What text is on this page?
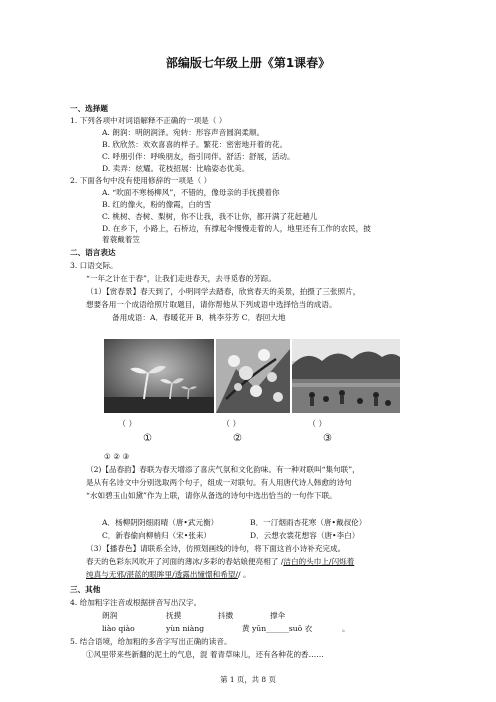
部编版七年级上册《第1课春》
一、选择题
1. 下列各项中对词语解释不正确的一项是（ ）
A. 朗润：明朗润泽。宛转：形容声音圆润柔顺。
B. 欣欣然：欢欢喜喜的样子。繁花：密密地开着的花。
C. 呼朋引伴：呼唤朋友，指引同伴。舒活：舒展，活动。
D. 卖弄：炫耀。花枝招展：比喻姿态优美。
2. 下面各句中没有使用修辞的一项是（ ）
A. “吹面不寒杨柳风”，不错的，像母亲的手抚摸着你
B. 红的像火，粉的像霞，白的雪
C. 桃树、杏树、梨树，你不让我，我不让你，都开满了花赶趟儿
D. 在乡下，小路上，石桥边，有撑起伞慢慢走着的人，地里还有工作的农民，披
着蓑戴着笠
二、语言表达
3. 口语交际。
“一年之计在于春”，让我们走进春天，去寻觅春的芳踪。
（1）【赏春景】春天到了，小明同学去踏春，欣赏春天的美景，拍摄了三张照片，
想要各用一个成语给照片取题目，请你帮他从下列成语中选择恰当的成语。
备用成语：A．春暖花开 B．桃李芬芳 C．春回大地
（ ）	（ ）	（ ）
①	②	③
① ② ③
（2)【品春韵】春联为春天增添了喜庆气氛和文化韵味。有一种对联叫“集句联”，
是从有名诗文中分别选取两个句子，组成一对联句。有人用唐代诗人韩愈的诗句
“水如碧玉山如黛”作为上联，请你从备选的诗句中选出恰当的一句作下联。
A．杨柳阴阴细雨晴（唐•武元衡）	B．一汀烟雨杏花寒（唐•戴叔伦）
C．新春偷向柳梢归（宋•张耒）	D．云想衣裳花想容（唐•李白）
（3）【播春色】请联系全诗，仿照划画线的诗句，将下面这首小诗补充完成。
春天的色彩东风吹开了河面的薄冰/多彩的春姑娘便亮相了 /洁白的头巾上/闪烁着
纯真与无邪/湛蓝的眼眸里/透露出憧憬和希望// 。
三、其他
4. 给加粗字注音或根据拼音写出汉字。
朗润	抚摸	抖擞	撑伞
liào qiào	yùn niàng	黄 yūn______suō 衣	。
5. 结合语境，给加粗的多音字写出正确的读音。
①风里带来些新翻的泥土的气息，混 着青草味儿，还有各种花的香……
第 1 页，共 8 页
